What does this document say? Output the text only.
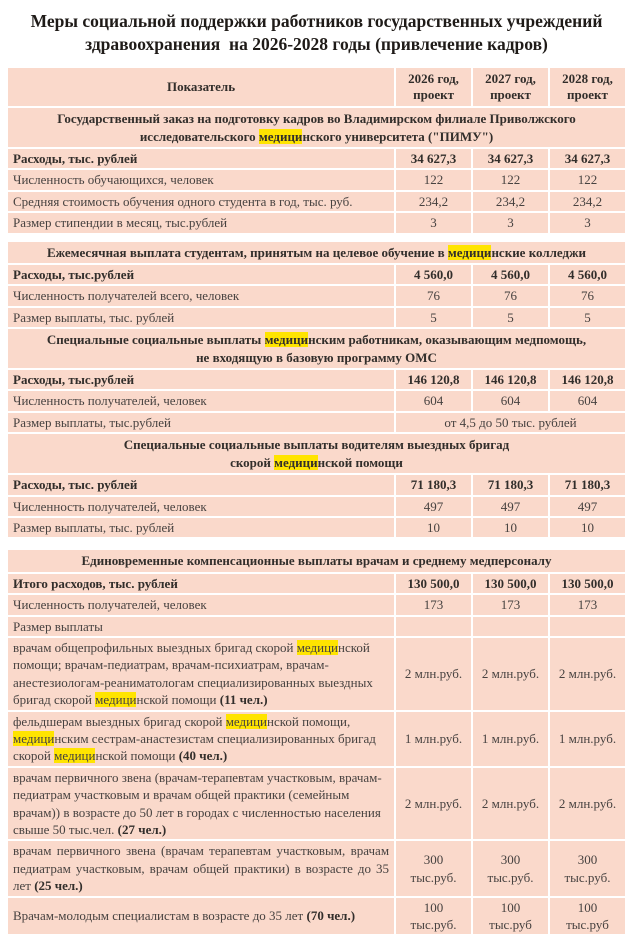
Меры социальной поддержки работников государственных учреждений
здравоохранения  на 2026-2028 годы (привлечение кадров)
Показатель	2026 год, проект	2027 год, проект	2028 год, проект
Государственный заказ на подготовку кадров во Владимирском филиале Приволжского
исследовательского медицинского университета ("ПИМУ")			
Расходы, тыс. рублей	34 627,3	34 627,3	34 627,3
Численность обучающихся, человек	122	122	122
Средняя стоимость обучения одного студента в год, тыс. руб.	234,2	234,2	234,2
Размер стипендии в месяц, тыс.рублей	3	3	3

Ежемесячная выплата студентам, принятым на целевое обучение в медицинские колледжи			
Расходы, тыс.рублей	4 560,0	4 560,0	4 560,0
Численность получателей всего, человек	76	76	76
Размер выплаты, тыс. рублей	5	5	5
Специальные социальные выплаты медицинским работникам, оказывающим медпомощь,
не входящую в базовую программу ОМС			
Расходы, тыс.рублей	146 120,8	146 120,8	146 120,8
Численность получателей, человек	604	604	604
Размер выплаты, тыс.рублей	от 4,5 до 50 тыс. рублей		
Специальные социальные выплаты водителям выездных бригад
скорой медицинской помощи			
Расходы, тыс. рублей	71 180,3	71 180,3	71 180,3
Численность получателей, человек	497	497	497
Размер выплаты, тыс. рублей	10	10	10

Единовременные компенсационные выплаты врачам и среднему медперсоналу			
Итого расходов, тыс. рублей	130 500,0	130 500,0	130 500,0
Численность получателей, человек	173	173	173
Размер выплаты			
врачам общепрофильных выездных бригад скорой медицинской помощи; врачам-педиатрам, врачам-психиатрам, врачам-анестезиологам-реаниматологам специализированных выездных бригад скорой медицинской помощи (11 чел.)	2 млн.руб.	2 млн.руб.	2 млн.руб.
фельдшерам выездных бригад скорой медицинской помощи, медицинским сестрам-анастезистам специализированных бригад скорой медицинской помощи (40 чел.)	1 млн.руб.	1 млн.руб.	1 млн.руб.
врачам первичного звена (врачам-терапевтам участковым, врачам-педиатрам участковым и врачам общей практики (семейным врачам)) в возрасте до 50 лет в городах с численностью населения свыше 50 тыс.чел. (27 чел.)	2 млн.руб.	2 млн.руб.	2 млн.руб.
врачам первичного звена (врачам терапевтам участковым, врачам педиатрам участковым, врачам общей практики) в возрасте до 35 лет (25 чел.)	300 тыс.руб.	300 тыс.руб.	300 тыс.руб.
Врачам-молодым специалистам в возрасте до 35 лет (70 чел.)	100 тыс.руб.	100 тыс.руб	100 тыс.руб
